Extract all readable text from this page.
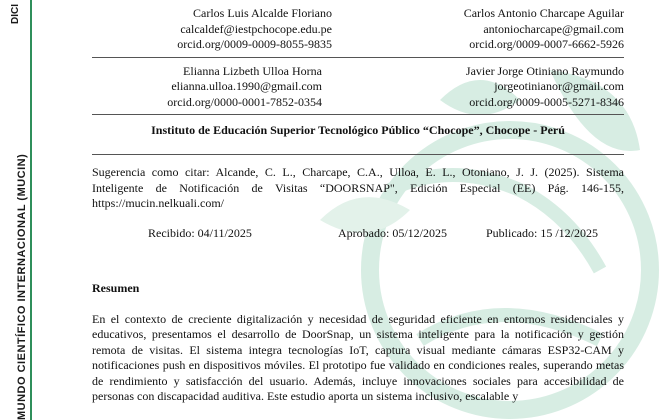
DICI
MUNDO CIENTÍFICO INTERNACIONAL (MUCIN)
Carlos Luis Alcalde Floriano
calcaldef@iestpchocope.edu.pe
orcid.org/0009-0009-8055-9835
Carlos Antonio Charcape Aguilar
antoniocharcape@gmail.com
orcid.org/0009-0007-6662-5926
Elianna Lizbeth Ulloa Horna
elianna.ulloa.1990@gmail.com
orcid.org/0000-0001-7852-0354
Javier Jorge Otiniano Raymundo
jorgeotinianor@gmail.com
orcid.org/0009-0005-5271-8346
Instituto de Educación Superior Tecnológico Público “Chocope”, Chocope - Perú
Sugerencia como citar: Alcande, C. L., Charcape, C.A., Ulloa, E. L., Otoniano, J. J. (2025). Sistema Inteligente de Notificación de Visitas “DOORSNAP", Edición Especial (EE) Pág. 146-155, https://mucin.nelkuali.com/
Recibido: 04/11/2025	Aprobado: 05/12/2025	Publicado: 15 /12/2025
Resumen
En el contexto de creciente digitalización y necesidad de seguridad eficiente en entornos residenciales y educativos, presentamos el desarrollo de DoorSnap, un sistema inteligente para la notificación y gestión remota de visitas. El sistema integra tecnologías IoT, captura visual mediante cámaras ESP32-CAM y notificaciones push en dispositivos móviles. El prototipo fue validado en condiciones reales, superando metas de rendimiento y satisfacción del usuario. Además, incluye innovaciones sociales para accesibilidad de personas con discapacidad auditiva. Este estudio aporta un sistema inclusivo, escalable y
